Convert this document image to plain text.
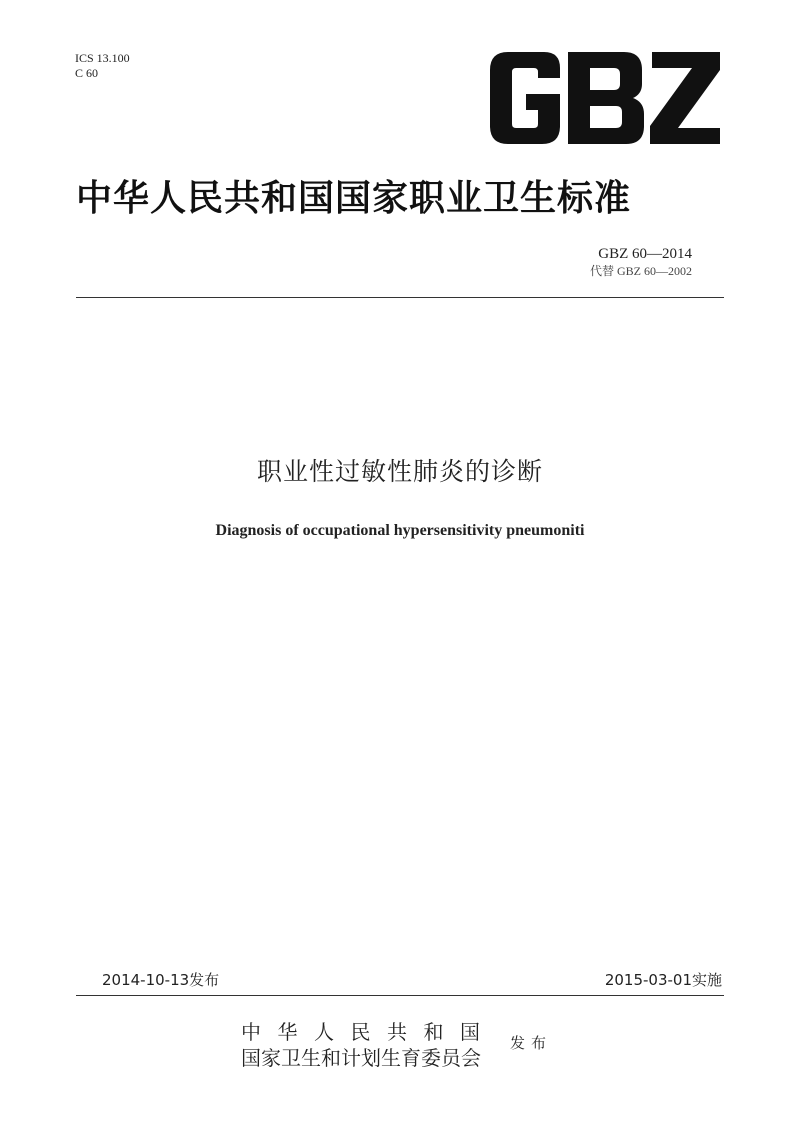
ICS 13.100
C 60
中华人民共和国国家职业卫生标准
GBZ 60—2014
代替 GBZ 60—2002
职业性过敏性肺炎的诊断
Diagnosis of occupational hypersensitivity pneumoniti
2014-10-13发布	2015-03-01实施
中华人民共和国
国家卫生和计划生育委员会
发布
